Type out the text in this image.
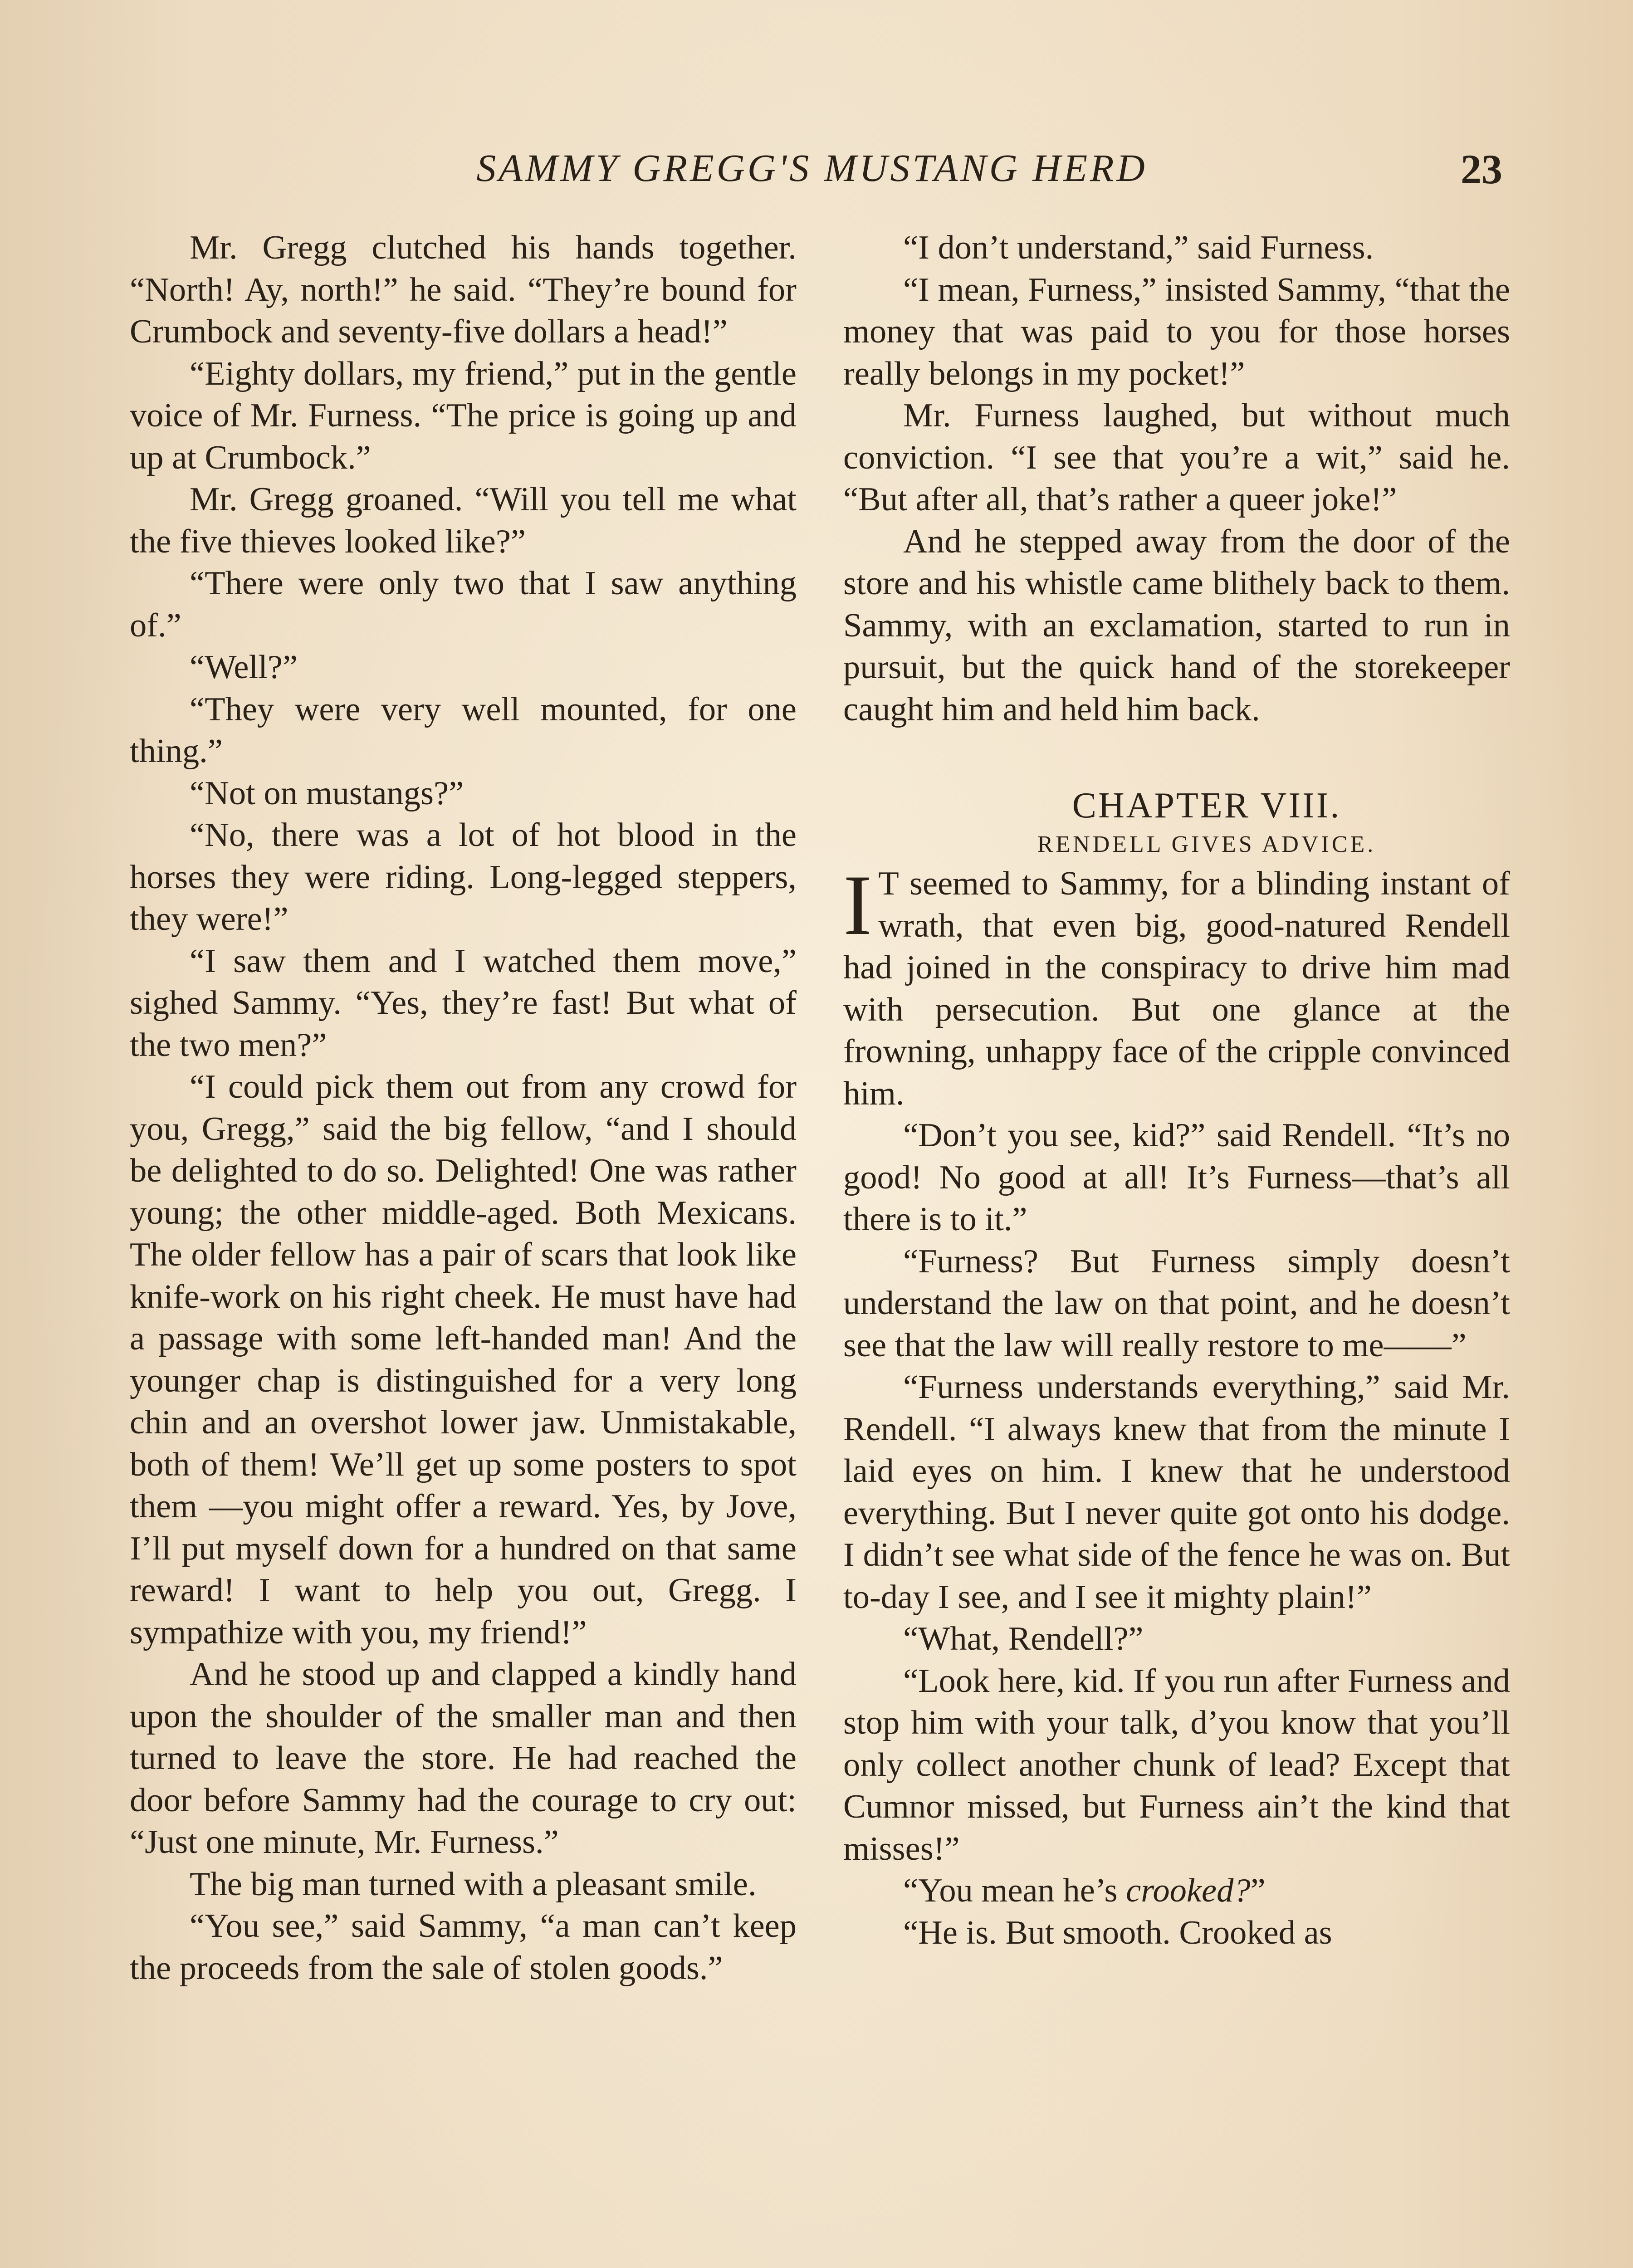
SAMMY GREGG'S MUSTANG HERD	23

Mr. Gregg clutched his hands together. “North! Ay, north!” he said. “They’re bound for Crumbock and seventy-five dollars a head!”

“Eighty dollars, my friend,” put in the gentle voice of Mr. Furness. “The price is going up and up at Crumbock.”

Mr. Gregg groaned. “Will you tell me what the five thieves looked like?”

“There were only two that I saw anything of.”

“Well?”

“They were very well mounted, for one thing.”

“Not on mustangs?”

“No, there was a lot of hot blood in the horses they were riding. Long-legged steppers, they were!”

“I saw them and I watched them move,” sighed Sammy. “Yes, they’re fast! But what of the two men?”

“I could pick them out from any crowd for you, Gregg,” said the big fellow, “and I should be delighted to do so. Delighted! One was rather young; the other middle-aged. Both Mexicans. The older fellow has a pair of scars that look like knife-work on his right cheek. He must have had a passage with some left-handed man! And the younger chap is distinguished for a very long chin and an overshot lower jaw. Unmistakable, both of them! We’ll get up some posters to spot them —you might offer a reward. Yes, by Jove, I’ll put myself down for a hundred on that same reward! I want to help you out, Gregg. I sympathize with you, my friend!”

And he stood up and clapped a kindly hand upon the shoulder of the smaller man and then turned to leave the store. He had reached the door before Sammy had the courage to cry out: “Just one minute, Mr. Furness.”

The big man turned with a pleasant smile.

“You see,” said Sammy, “a man can’t keep the proceeds from the sale of stolen goods.”

“I don’t understand,” said Furness.

“I mean, Furness,” insisted Sammy, “that the money that was paid to you for those horses really belongs in my pocket!”

Mr. Furness laughed, but without much conviction. “I see that you’re a wit,” said he. “But after all, that’s rather a queer joke!”

And he stepped away from the door of the store and his whistle came blithely back to them. Sammy, with an exclamation, started to run in pursuit, but the quick hand of the storekeeper caught him and held him back.

CHAPTER VIII.

RENDELL GIVES ADVICE.

I T seemed to Sammy, for a blinding instant of wrath, that even big, good-natured Rendell had joined in the conspiracy to drive him mad with persecution. But one glance at the frowning, unhappy face of the cripple convinced him.

“Don’t you see, kid?” said Rendell. “It’s no good! No good at all! It’s Furness—that’s all there is to it.”

“Furness? But Furness simply doesn’t understand the law on that point, and he doesn’t see that the law will really restore to me——”

“Furness understands everything,” said Mr. Rendell. “I always knew that from the minute I laid eyes on him. I knew that he understood everything. But I never quite got onto his dodge. I didn’t see what side of the fence he was on. But to-day I see, and I see it mighty plain!”

“What, Rendell?”

“Look here, kid. If you run after Furness and stop him with your talk, d’you know that you’ll only collect another chunk of lead? Except that Cumnor missed, but Furness ain’t the kind that misses!”

“You mean he’s crooked?”

“He is. But smooth. Crooked as
